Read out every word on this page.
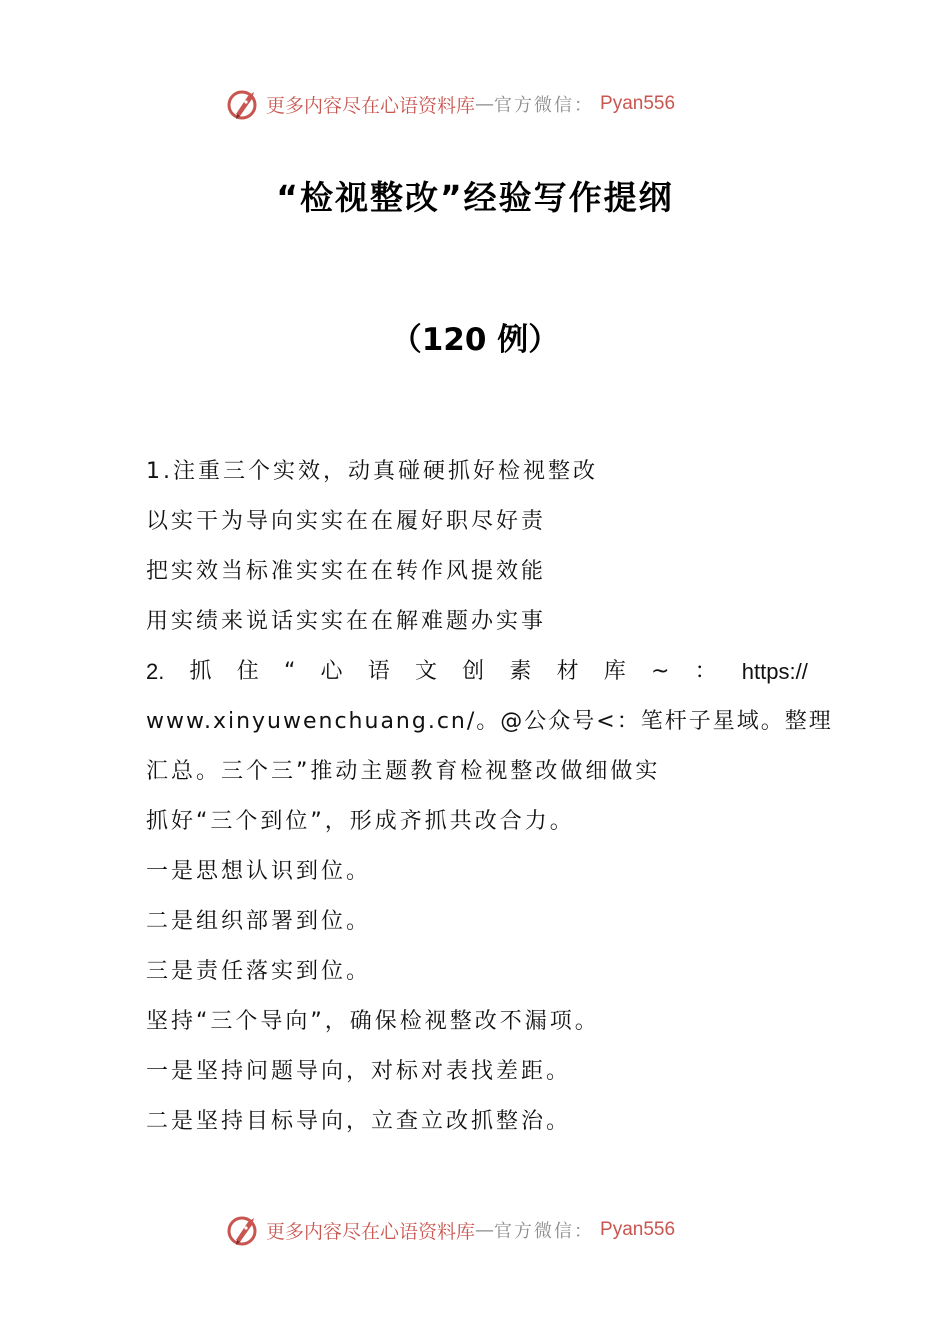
更多内容尽在心语资料库 — 官方微信： Pyan556
“检视整改”经验写作提纲
（120 例）
1.注重三个实效，动真碰硬抓好检视整改
以实干为导向实实在在履好职尽好责
把实效当标准实实在在转作风提效能
用实绩来说话实实在在解难题办实事
2. 抓 住 “ 心 语 文 创 素 材 库 ~ ： https://
www.xinyuwenchuang.cn/。@公众号<：笔杆子星域。整理
汇总。三个三”推动主题教育检视整改做细做实
抓好“三个到位”，形成齐抓共改合力。
一是思想认识到位。
二是组织部署到位。
三是责任落实到位。
坚持“三个导向”，确保检视整改不漏项。
一是坚持问题导向，对标对表找差距。
二是坚持目标导向，立查立改抓整治。
更多内容尽在心语资料库 — 官方微信： Pyan556
